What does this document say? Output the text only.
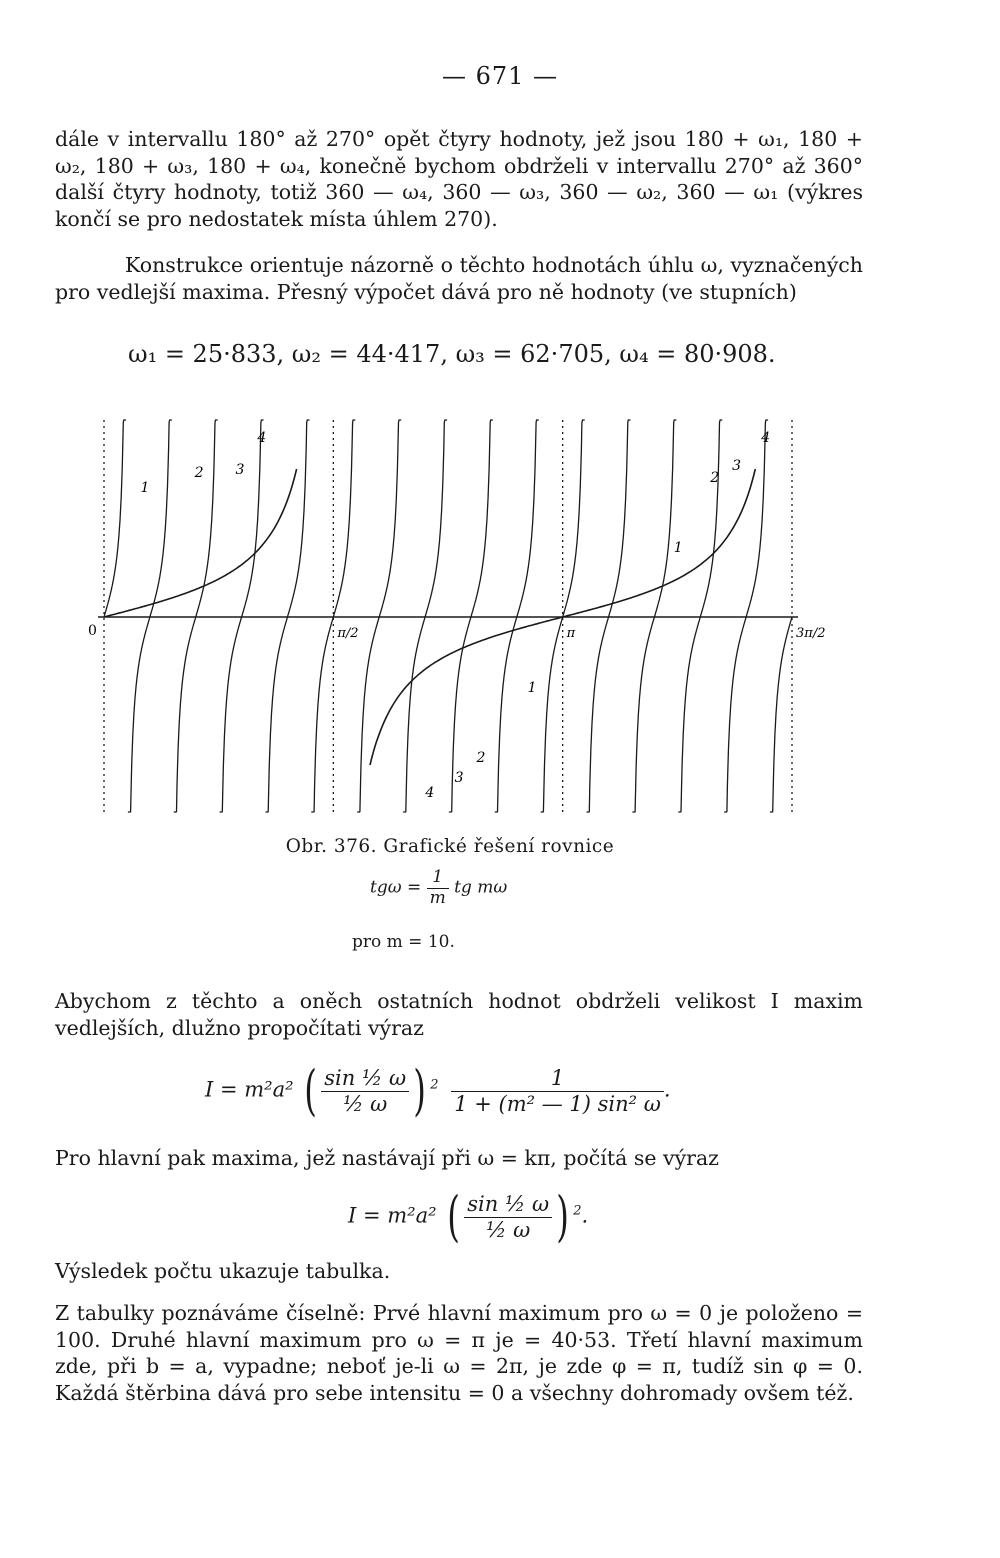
— 671 —

dále v intervallu 180° až 270° opět čtyry hodnoty, jež jsou 180 + ω₁, 180 + ω₂, 180 + ω₃, 180 + ω₄, konečně bychom obdrželi v intervallu 270° až 360° další čtyry hodnoty, totiž 360 — ω₄, 360 — ω₃, 360 — ω₂, 360 — ω₁ (výkres končí se pro nedostatek místa úhlem 270).

Konstrukce orientuje názorně o těchto hodnotách úhlu ω, vyznačených pro vedlejší maxima. Přesný výpočet dává pro ně hodnoty (ve stupních)

ω₁ = 25·833, ω₂ = 44·417, ω₃ = 62·705, ω₄ = 80·908.
π/2	π	3π/2
0
1
2 3
4
1
2
3
4
1
2
3
4
Obr. 376. Grafické řešení rovnice
$tg\omega = \frac{1}{m}$ tg mω
pro m = 10.

Abychom z těchto a oněch ostatních hodnot obdrželi velikost I maxim vedlejších, dlužno propočítati výraz

I = m²a² ( $\frac{\text{sin ½ ω}}{\text{½ ω}}$ ) $^2 \frac{1}{\text{1 + (m² — 1) sin² ω}}$ .

Pro hlavní pak maxima, jež nastávají při ω = kπ, počítá se výraz

I = m²a² ( $\frac{\text{sin ½ ω}}{\text{½ ω}}$ ) $^2$.

Výsledek počtu ukazuje tabulka.

Z tabulky poznáváme číselně: Prvé hlavní maximum pro ω = 0 je položeno = 100. Druhé hlavní maximum pro ω = π je = 40·53. Třetí hlavní maximum zde, při b = a, vypadne; neboť je-li ω = 2π, je zde φ = π, tudíž sin φ = 0. Každá štěrbina dává pro sebe intensitu = 0 a všechny dohromady ovšem též.
